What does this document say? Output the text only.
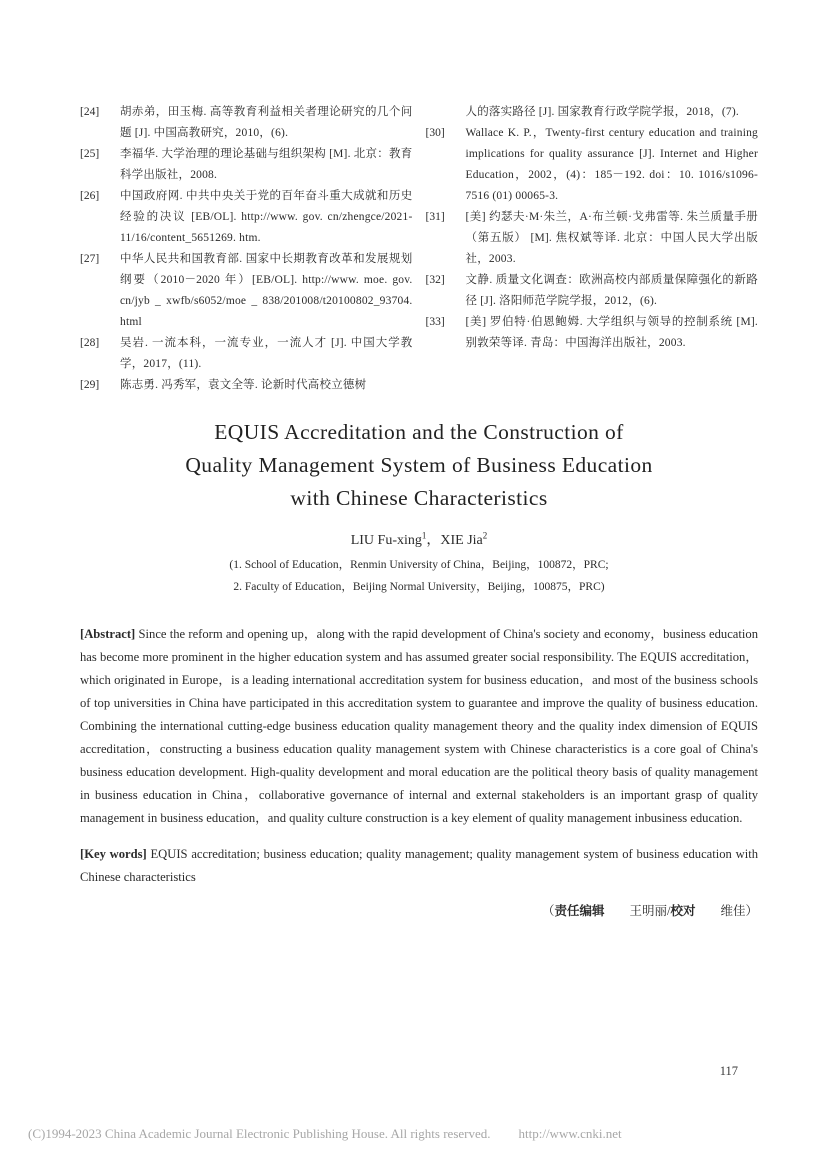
[24] 胡赤弟，田玉梅. 高等教育利益相关者理论研究的几个问题 [J]. 中国高教研究，2010，(6).
[25] 李福华. 大学治理的理论基础与组织架构 [M]. 北京：教育科学出版社，2008.
[26] 中国政府网. 中共中央关于党的百年奋斗重大成就和历史经验的决议 [EB/OL]. http://www. gov. cn/zhengce/2021-11/16/content_5651269. htm.
[27] 中华人民共和国教育部. 国家中长期教育改革和发展规划纲要（2010－2020 年）[EB/OL]. http://www. moe. gov. cn/jyb _ xwfb/s6052/moe _ 838/201008/t20100802_93704. html
[28] 吴岩. 一流本科，一流专业，一流人才 [J]. 中国大学教学，2017，(11).
[29] 陈志勇. 冯秀军，袁文全等. 论新时代高校立德树
人的落实路径 [J]. 国家教育行政学院学报，2018，(7).
[30] Wallace K. P.，Twenty-first century education and training implications for quality assurance [J]. Internet and Higher Education，2002，(4)：185－192. doi：10. 1016/s1096-7516 (01) 00065-3.
[31] [美] 约瑟夫·M·朱兰，A·布兰顿·戈弗雷等. 朱兰质量手册（第五版） [M]. 焦权斌等译. 北京：中国人民大学出版社，2003.
[32] 文静. 质量文化调查：欧洲高校内部质量保障强化的新路径 [J]. 洛阳师范学院学报，2012，(6).
[33] [美] 罗伯特·伯恩鲍姆. 大学组织与领导的控制系统 [M]. 别敦荣等译. 青岛：中国海洋出版社，2003.
EQUIS Accreditation and the Construction of
Quality Management System of Business Education
with Chinese Characteristics
LIU Fu-xing$^1$，XIE Jia$^2$
(1. School of Education，Renmin University of China，Beijing，100872，PRC;
2. Faculty of Education，Beijing Normal University，Beijing，100875，PRC)

[Abstract] Since the reform and opening up，along with the rapid development of China's society and economy，business education has become more prominent in the higher education system and has assumed greater social responsibility. The EQUIS accreditation，which originated in Europe，is a leading international accreditation system for business education，and most of the business schools of top universities in China have participated in this accreditation system to guarantee and improve the quality of business education. Combining the international cutting-edge business education quality management theory and the quality index dimension of EQUIS accreditation，constructing a business education quality management system with Chinese characteristics is a core goal of China's business education development. High-quality development and moral education are the political theory basis of quality management in business education in China，collaborative governance of internal and external stakeholders is an important grasp of quality management in business education，and quality culture construction is a key element of quality management inbusiness education.

[Key words] EQUIS accreditation; business education; quality management; quality management system of business education with Chinese characteristics

（责任编辑　　王明丽/校对　　维佳）
117
(C)1994-2023 China Academic Journal Electronic Publishing House. All rights reserved. http://www.cnki.net
